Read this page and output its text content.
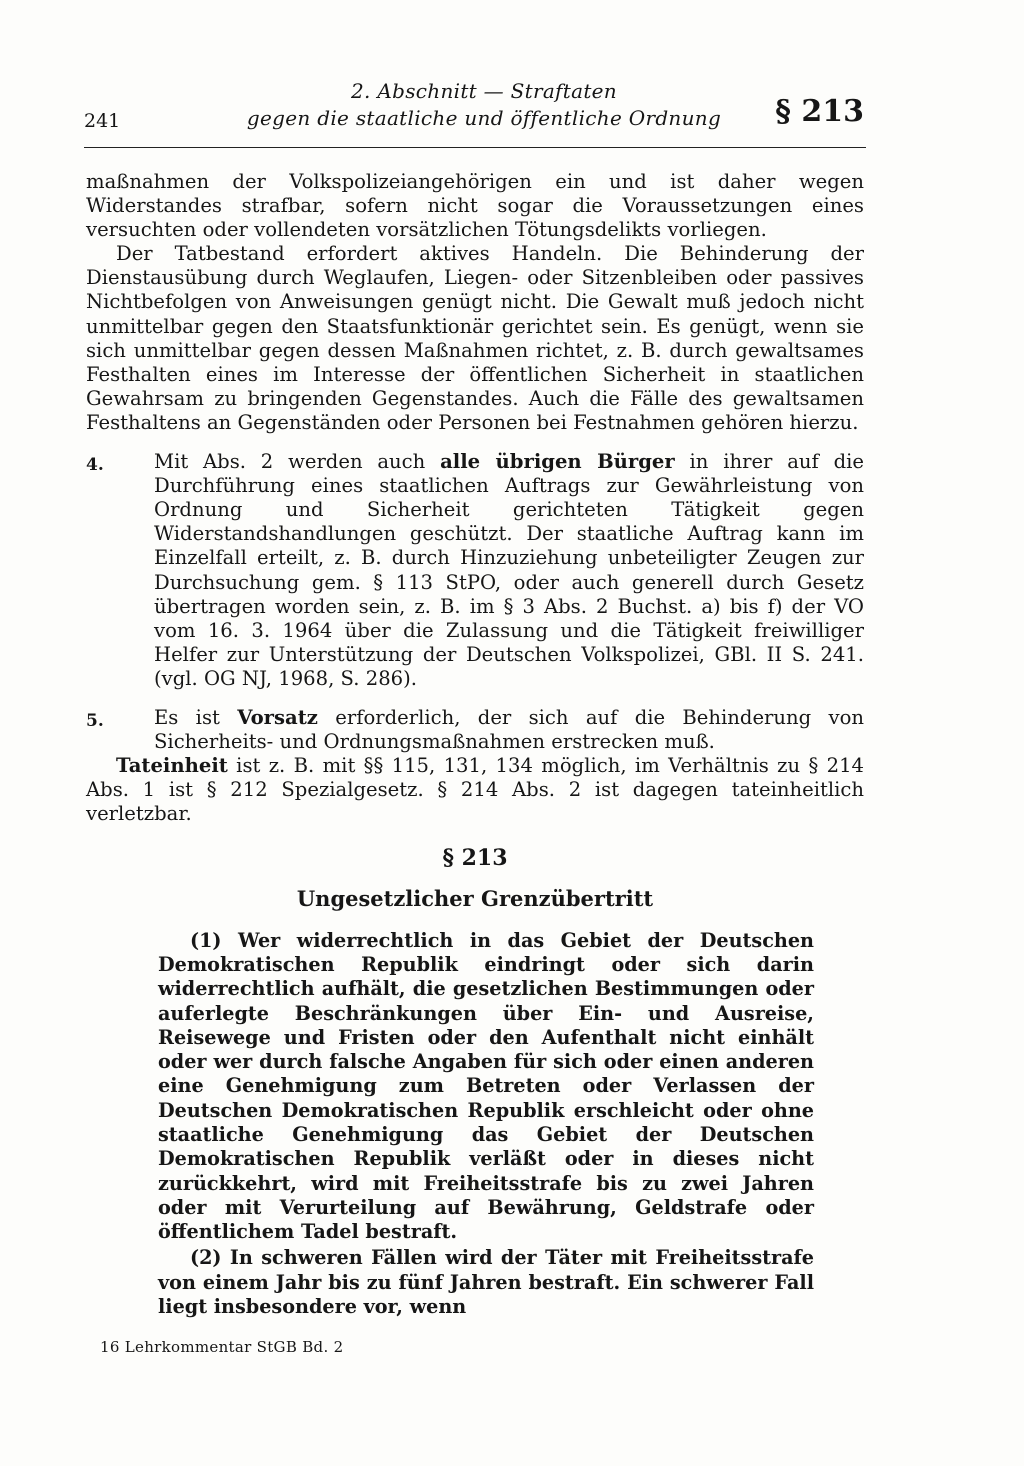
241
2. Abschnitt — Straftaten
gegen die staatliche und öffentliche Ordnung	§ 213

maßnahmen der Volkspolizeiangehörigen ein und ist daher wegen Widerstandes strafbar, sofern nicht sogar die Voraussetzungen eines versuchten oder vollendeten vorsätzlichen Tötungsdelikts vorliegen.

Der Tatbestand erfordert aktives Handeln. Die Behinderung der Dienstausübung durch Weglaufen, Liegen- oder Sitzenbleiben oder passives Nichtbefolgen von Anweisungen genügt nicht. Die Gewalt muß jedoch nicht unmittelbar gegen den Staatsfunktionär gerichtet sein. Es genügt, wenn sie sich unmittelbar gegen dessen Maßnahmen richtet, z. B. durch gewaltsames Festhalten eines im Interesse der öffentlichen Sicherheit in staatlichen Gewahrsam zu bringenden Gegenstandes. Auch die Fälle des gewaltsamen Festhaltens an Gegenständen oder Personen bei Festnahmen gehören hierzu.

4.	Mit Abs. 2 werden auch alle übrigen Bürger in ihrer auf die Durchführung eines staatlichen Auftrags zur Gewährleistung von Ordnung und Sicherheit gerichteten Tätigkeit gegen Widerstandshandlungen geschützt. Der staatliche Auftrag kann im Einzelfall erteilt, z. B. durch Hinzuziehung unbeteiligter Zeugen zur Durchsuchung gem. § 113 StPO, oder auch generell durch Gesetz übertragen worden sein, z. B. im § 3 Abs. 2 Buchst. a) bis f) der VO vom 16. 3. 1964 über die Zulassung und die Tätigkeit freiwilliger Helfer zur Unterstützung der Deutschen Volkspolizei, GBl. II S. 241. (vgl. OG NJ, 1968, S. 286).

5.	Es ist Vorsatz erforderlich, der sich auf die Behinderung von Sicherheits- und Ordnungsmaßnahmen erstrecken muß.

Tateinheit ist z. B. mit §§ 115, 131, 134 möglich, im Verhältnis zu § 214 Abs. 1 ist § 212 Spezialgesetz. § 214 Abs. 2 ist dagegen tateinheitlich verletzbar.

§ 213

Ungesetzlicher Grenzübertritt

(1) Wer widerrechtlich in das Gebiet der Deutschen Demokratischen Republik eindringt oder sich darin widerrechtlich aufhält, die gesetzlichen Bestimmungen oder auferlegte Beschränkungen über Ein- und Ausreise, Reisewege und Fristen oder den Aufenthalt nicht einhält oder wer durch falsche Angaben für sich oder einen anderen eine Genehmigung zum Betreten oder Verlassen der Deutschen Demokratischen Republik erschleicht oder ohne staatliche Genehmigung das Gebiet der Deutschen Demokratischen Republik verläßt oder in dieses nicht zurückkehrt, wird mit Freiheitsstrafe bis zu zwei Jahren oder mit Verurteilung auf Bewährung, Geldstrafe oder öffentlichem Tadel bestraft.

(2) In schweren Fällen wird der Täter mit Freiheitsstrafe von einem Jahr bis zu fünf Jahren bestraft. Ein schwerer Fall liegt insbesondere vor, wenn

16 Lehrkommentar StGB Bd. 2
